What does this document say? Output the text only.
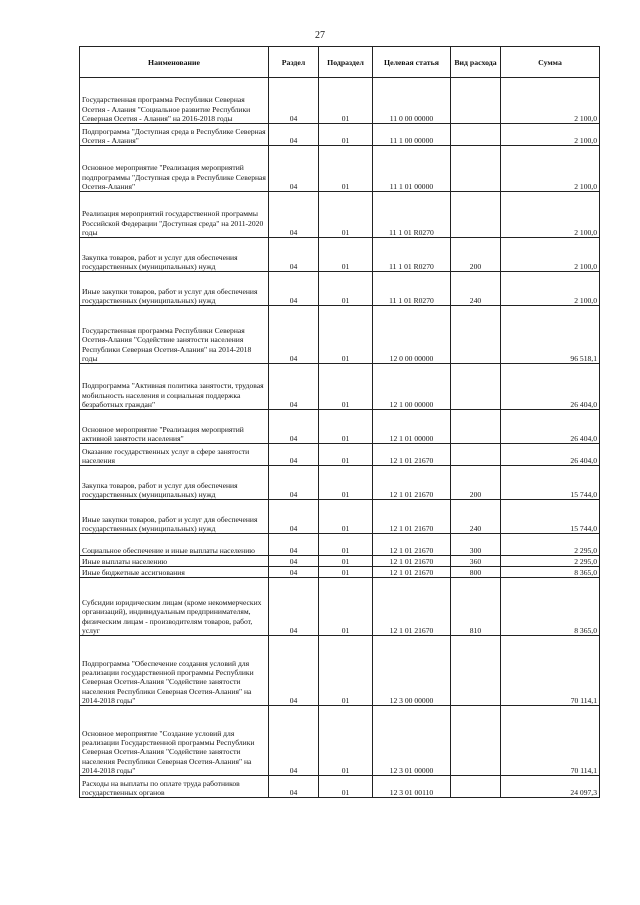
27
Наименование	Раздел	Подраздел	Целевая статья	Вид расхода	Сумма
Государственная программа Республики Северная Осетия - Алания "Социальное развитие Республики Северная Осетия - Алания" на 2016-2018 годы	04	01	11 0 00 00000		2 100,0
Подпрограмма "Доступная среда в Республике Северная Осетия - Алания"	04	01	11 1 00 00000		2 100,0
Основное мероприятие "Реализация мероприятий подпрограммы "Доступная среда в Республике Северная Осетия-Алания"	04	01	11 1 01 00000		2 100,0
Реализация мероприятий государственной программы Российской Федерации "Доступная среда" на 2011-2020 годы	04	01	11 1 01 R0270		2 100,0
Закупка товаров, работ и услуг для обеспечения государственных (муниципальных) нужд	04	01	11 1 01 R0270	200	2 100,0
Иные закупки товаров, работ и услуг для обеспечения государственных (муниципальных) нужд	04	01	11 1 01 R0270	240	2 100,0
Государственная программа Республики Северная Осетия-Алания "Содействие занятости населения Республики Северная Осетия-Алания" на 2014-2018 годы	04	01	12 0 00 00000		96 518,1
Подпрограмма "Активная политика занятости, трудовая мобильность населения и социальная поддержка безработных граждан"	04	01	12 1 00 00000		26 404,0
Основное мероприятие "Реализация мероприятий активной занятости населения"	04	01	12 1 01 00000		26 404,0
Оказание государственных услуг в сфере занятости населения	04	01	12 1 01 21670		26 404,0
Закупка товаров, работ и услуг для обеспечения государственных (муниципальных) нужд	04	01	12 1 01 21670	200	15 744,0
Иные закупки товаров, работ и услуг для обеспечения государственных (муниципальных) нужд	04	01	12 1 01 21670	240	15 744,0
Социальное обеспечение и иные выплаты населению	04	01	12 1 01 21670	300	2 295,0
Иные выплаты населению	04	01	12 1 01 21670	360	2 295,0
Иные бюджетные ассигнования	04	01	12 1 01 21670	800	8 365,0
Субсидии юридическим лицам (кроме некоммерческих организаций), индивидуальным предпринимателям, физическим лицам - производителям товаров, работ, услуг	04	01	12 1 01 21670	810	8 365,0
Подпрограмма "Обеспечение создания условий для реализации государственной программы Республики Северная Осетия-Алания "Содействие занятости населения Республики Северная Осетия-Алания" на 2014-2018 годы"	04	01	12 3 00 00000		70 114,1
Основное мероприятие "Создание условий для реализации Государственной программы Республики Северная Осетия-Алания "Содействие занятости населения Республики Северная Осетия-Алания" на 2014-2018 годы"	04	01	12 3 01 00000		70 114,1
Расходы на выплаты по оплате труда работников государственных органов	04	01	12 3 01 00110		24 097,3
